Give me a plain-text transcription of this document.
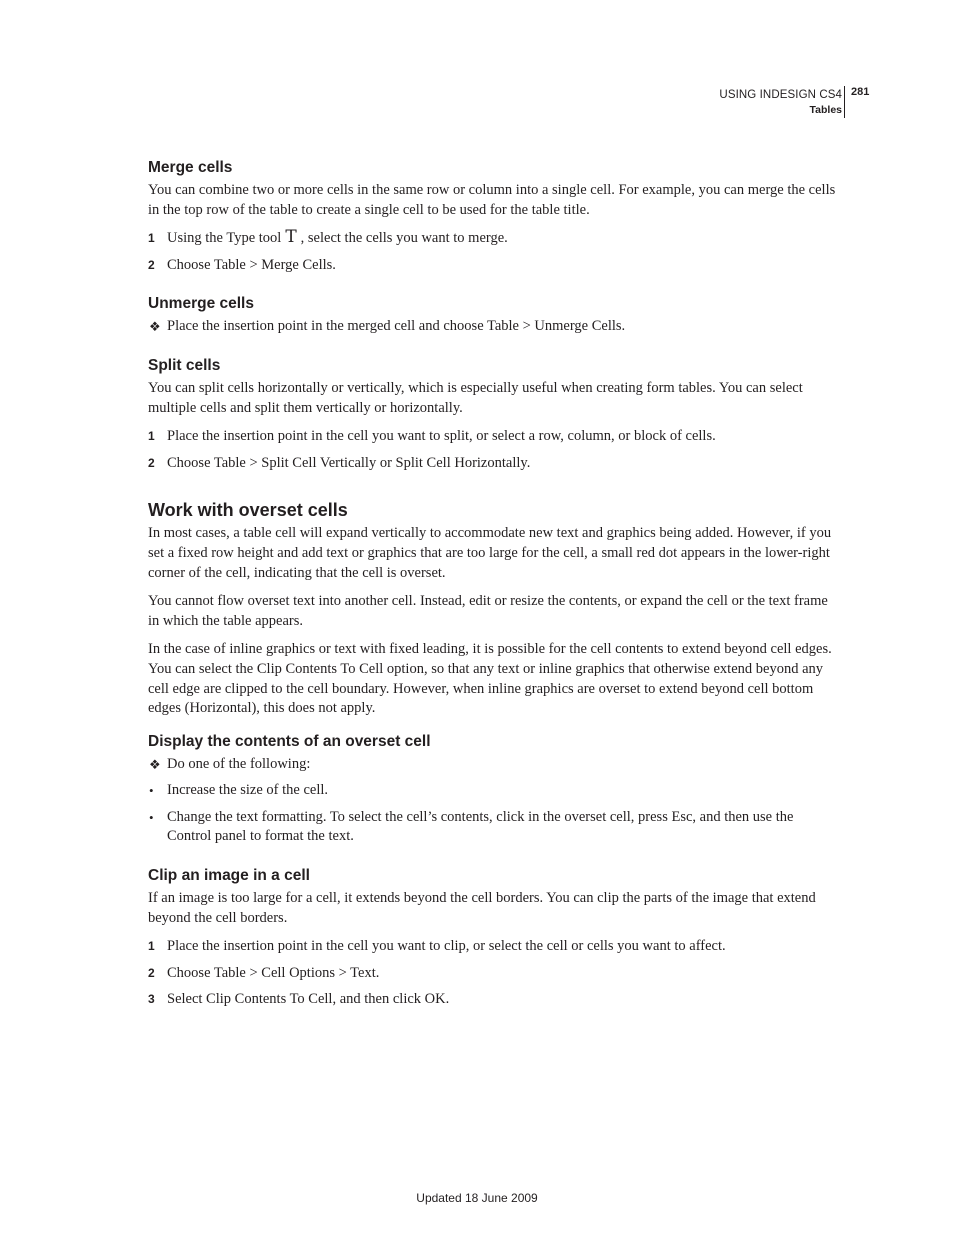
USING INDESIGN CS4
Tables
281
Merge cells

You can combine two or more cells in the same row or column into a single cell. For example, you can merge the cells in the top row of the table to create a single cell to be used for the table title.

1 Using the Type tool T , select the cells you want to merge.
2 Choose Table > Merge Cells.
Unmerge cells
❖ Place the insertion point in the merged cell and choose Table > Unmerge Cells.
Split cells

You can split cells horizontally or vertically, which is especially useful when creating form tables. You can select multiple cells and split them vertically or horizontally.

1 Place the insertion point in the cell you want to split, or select a row, column, or block of cells.
2 Choose Table > Split Cell Vertically or Split Cell Horizontally.
Work with overset cells

In most cases, a table cell will expand vertically to accommodate new text and graphics being added. However, if you set a fixed row height and add text or graphics that are too large for the cell, a small red dot appears in the lower-right corner of the cell, indicating that the cell is overset.

You cannot flow overset text into another cell. Instead, edit or resize the contents, or expand the cell or the text frame in which the table appears.

In the case of inline graphics or text with fixed leading, it is possible for the cell contents to extend beyond cell edges. You can select the Clip Contents To Cell option, so that any text or inline graphics that otherwise extend beyond any cell edge are clipped to the cell boundary. However, when inline graphics are overset to extend beyond cell bottom edges (Horizontal), this does not apply.

Display the contents of an overset cell
❖ Do one of the following:
• Increase the size of the cell.
• Change the text formatting. To select the cell’s contents, click in the overset cell, press Esc, and then use the Control panel to format the text.
Clip an image in a cell

If an image is too large for a cell, it extends beyond the cell borders. You can clip the parts of the image that extend beyond the cell borders.

1 Place the insertion point in the cell you want to clip, or select the cell or cells you want to affect.
2 Choose Table > Cell Options > Text.
3 Select Clip Contents To Cell, and then click OK.
Updated 18 June 2009
